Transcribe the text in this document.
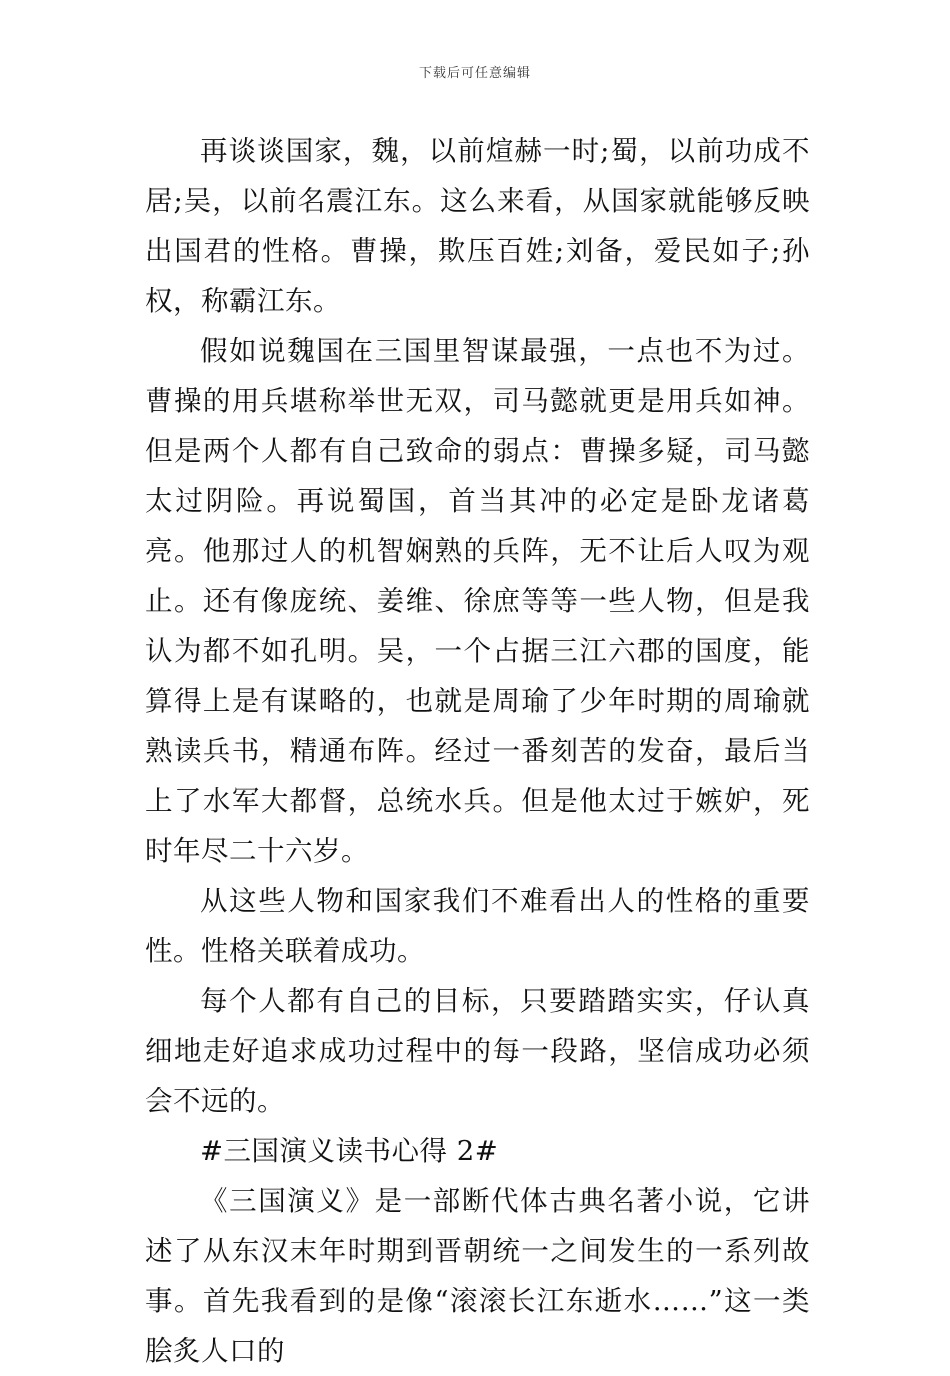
下载后可任意编辑

再谈谈国家，魏，以前煊赫一时;蜀，以前功成不居;吴，以前名震江东。这么来看，从国家就能够反映出国君的性格。曹操，欺压百姓;刘备，爱民如子;孙权，称霸江东。

假如说魏国在三国里智谋最强，一点也不为过。曹操的用兵堪称举世无双，司马懿就更是用兵如神。但是两个人都有自己致命的弱点：曹操多疑，司马懿太过阴险。再说蜀国，首当其冲的必定是卧龙诸葛亮。他那过人的机智娴熟的兵阵，无不让后人叹为观止。还有像庞统、姜维、徐庶等等一些人物，但是我认为都不如孔明。吴，一个占据三江六郡的国度，能算得上是有谋略的，也就是周瑜了少年时期的周瑜就熟读兵书，精通布阵。经过一番刻苦的发奋，最后当上了水军大都督，总统水兵。但是他太过于嫉妒，死时年尽二十六岁。

从这些人物和国家我们不难看出人的性格的重要性。性格关联着成功。

每个人都有自己的目标，只要踏踏实实，仔认真细地走好追求成功过程中的每一段路，坚信成功必须会不远的。

#三国演义读书心得 2#

《三国演义》是一部断代体古典名著小说，它讲述了从东汉末年时期到晋朝统一之间发生的一系列故事。首先我看到的是像“滚滚长江东逝水……”这一类脍炙人口的
